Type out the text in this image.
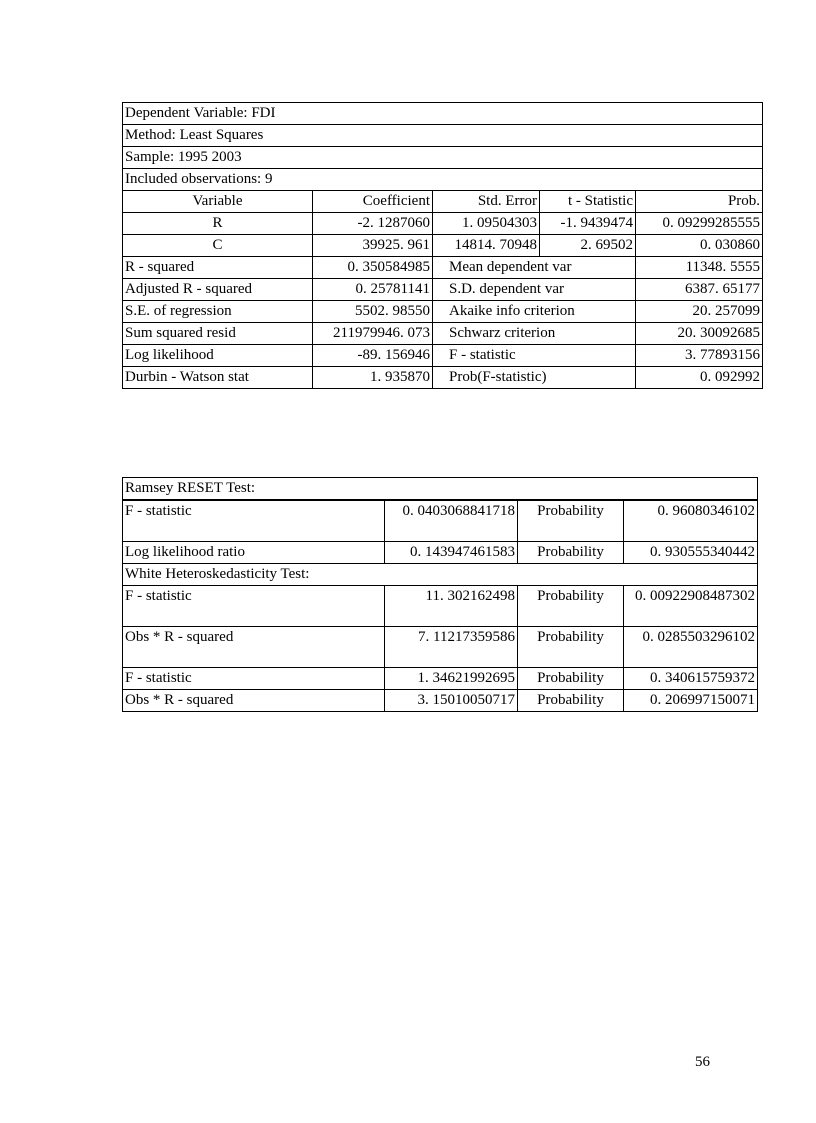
Dependent Variable: FDI				
Method: Least Squares				
Sample: 1995 2003				
Included observations: 9				
Variable	Coefficient	Std. Error	t - Statistic	Prob.
R	-2. 1287060	1. 09504303	-1. 9439474	0. 09299285555
C	39925. 961	14814. 70948	2. 69502	0. 030860
R - squared	0. 350584985	Mean dependent var		11348. 5555
Adjusted R - squared	0. 25781141	S.D. dependent var		6387. 65177
S.E. of regression	5502. 98550	Akaike info criterion		20. 257099
Sum squared resid	211979946. 073	Schwarz criterion		20. 30092685
Log likelihood	-89. 156946	F - statistic		3. 77893156
Durbin - Watson stat	1. 935870	Prob(F-statistic)		0. 092992
Ramsey RESET Test:			
F - statistic	0. 0403068841718	Probability	0. 96080346102
Log likelihood ratio	0. 143947461583	Probability	0. 930555340442
White Heteroskedasticity Test:			
F - statistic	11. 302162498	Probability	0. 00922908487302
Obs * R - squared	7. 11217359586	Probability	0. 0285503296102
F - statistic	1. 34621992695	Probability	0. 340615759372
Obs * R - squared	3. 15010050717	Probability	0. 206997150071
56
